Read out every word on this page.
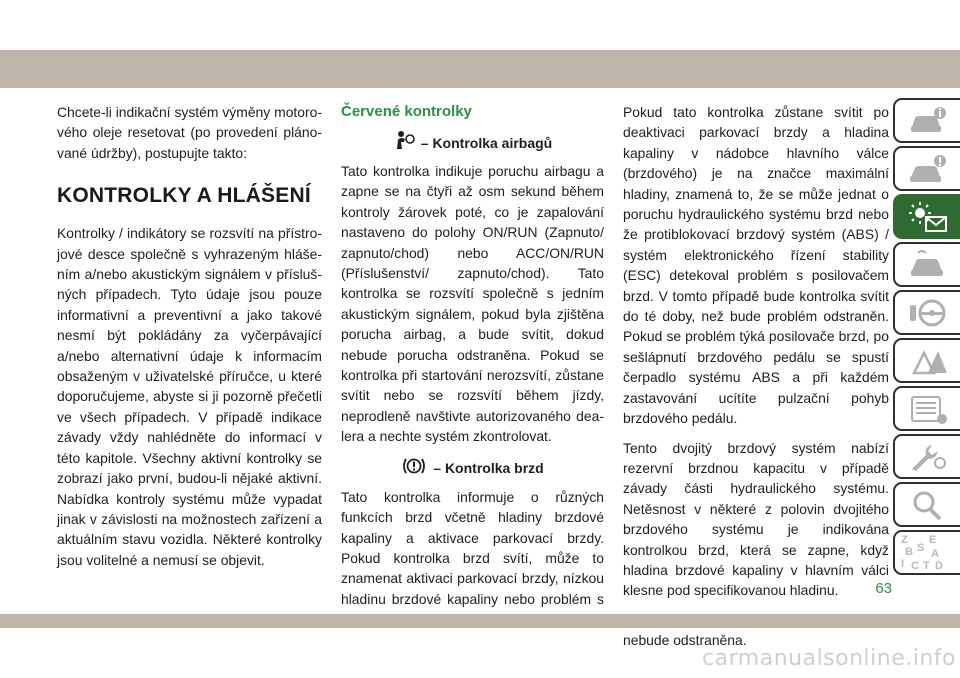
Chcete-li indikační systém výměny motorového oleje resetovat (po provedení plánované údržby), postupujte takto:

KONTROLKY A HLÁŠENÍ

Kontrolky / indikátory se rozsvítí na přístrojové desce společně s vyhrazeným hlášením a/nebo akustickým signálem v příslušných případech. Tyto údaje jsou pouze informativní a preventivní a jako takové nesmí být pokládány za vyčerpávající a/nebo alternativní údaje k informacím obsaženým v uživatelské příručce, u které doporučujeme, abyste si ji pozorně přečetli ve všech případech. V případě indikace závady vždy nahlédněte do informací v této kapitole. Všechny aktivní kontrolky se zobrazí jako první, budou-li nějaké aktivní. Nabídka kontroly systému může vypadat jinak v závislosti na možnostech zařízení a aktuálním stavu vozidla. Některé kontrolky jsou volitelné a nemusí se objevit.

Červené kontrolky
– Kontrolka airbagů

Tato kontrolka indikuje poruchu airbagu a zapne se na čtyři až osm sekund během kontroly žárovek poté, co je zapalování nastaveno do polohy ON/RUN (Zapnuto/ zapnuto/chod) nebo ACC/ON/RUN (Příslušenství/ zapnuto/chod). Tato kontrolka se rozsvítí společně s jedním akustickým signálem, pokud byla zjištěna porucha airbag, a bude svítit, dokud nebude porucha odstraněna. Pokud se kontrolka při startování nerozsvítí, zůstane svítit nebo se rozsvítí během jízdy, neprodleně navštivte autorizovaného dealera a nechte systém zkontrolovat.

– Kontrolka brzd

Tato kontrolka informuje o různých funkcích brzd včetně hladiny brzdové kapaliny a aktivace parkovací brzdy. Pokud kontrolka brzd svítí, může to znamenat aktivaci parkovací brzdy, nízkou hladinu brzdové kapaliny nebo problém s

Pokud tato kontrolka zůstane svítit po deaktivaci parkovací brzdy a hladina kapaliny v nádobce hlavního válce (brzdového) je na značce maximální hladiny, znamená to, že se může jednat o poruchu hydraulického systému brzd nebo že protiblokovací brzdový systém (ABS) / systém elektronického řízení stability (ESC) detekoval problém s posilovačem brzd. V tomto případě bude kontrolka svítit do té doby, než bude problém odstraněn. Pokud se problém týká posilovače brzd, po sešlápnutí brzdového pedálu se spustí čerpadlo systému ABS a při každém zastavování ucítíte pulzační pohyb brzdového pedálu.

Tento dvojitý brzdový systém nabízí rezervní brzdnou kapacitu v případě závady části hydraulického systému. Netěsnost v některé z polovin dvojitého brzdového systému je indikována kontrolkou brzd, která se zapne, když hladina brzdové kapaliny v hlavním válci klesne pod specifikovanou hladinu.

nebude odstraněna.

Z E
B S A
I C T D
63
carmanualsonline.info
